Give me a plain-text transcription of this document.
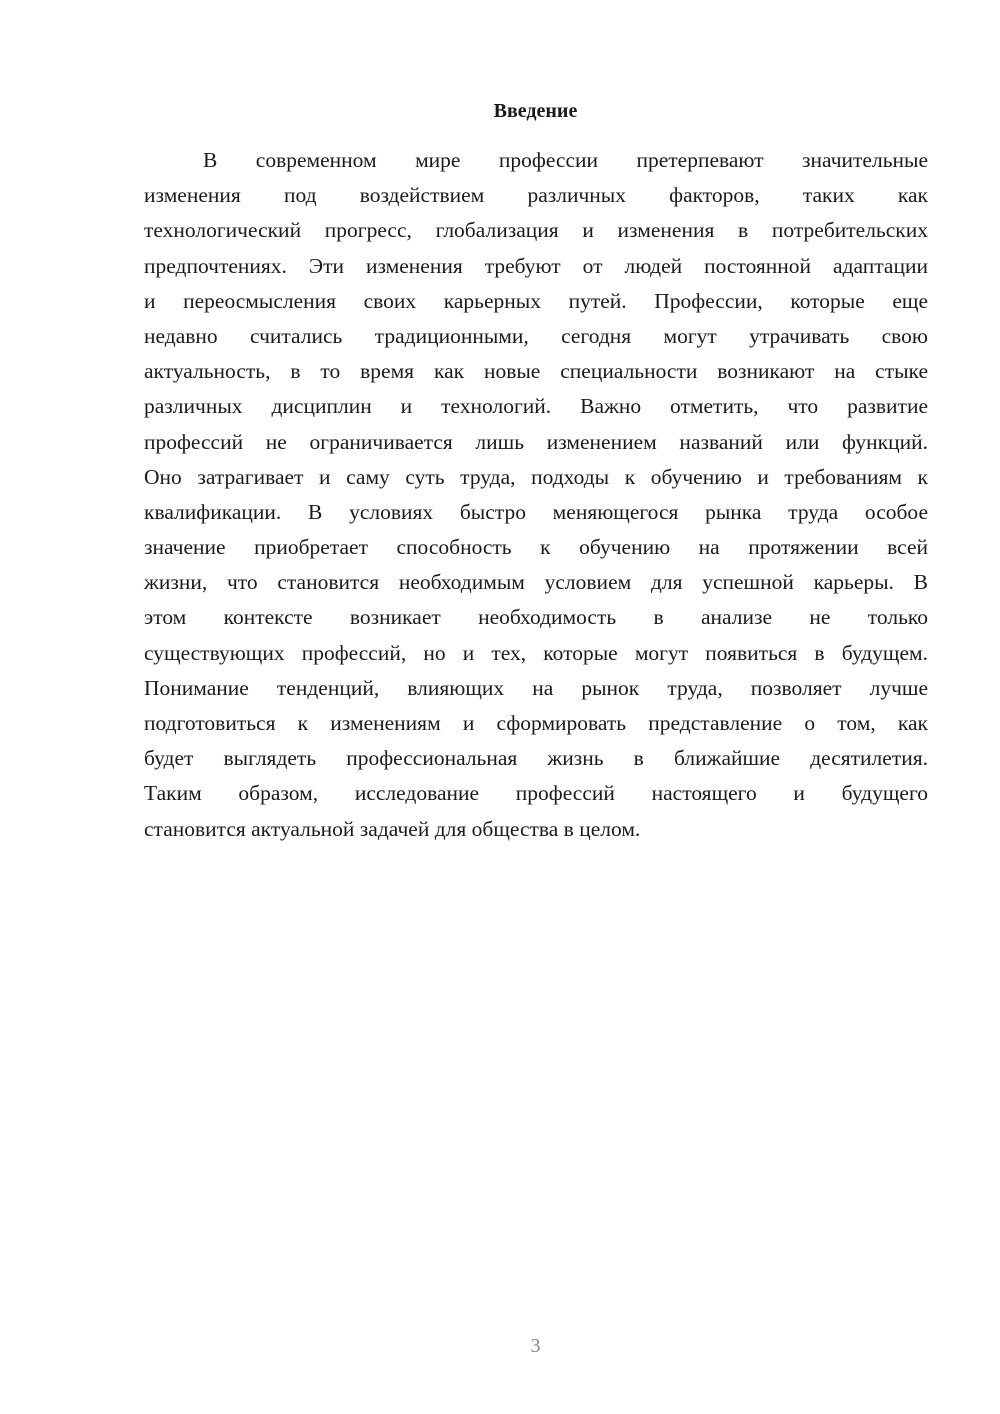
Введение
В современном мире профессии претерпевают значительные
изменения под воздействием различных факторов, таких как
технологический прогресс, глобализация и изменения в потребительских
предпочтениях. Эти изменения требуют от людей постоянной адаптации
и переосмысления своих карьерных путей. Профессии, которые еще
недавно считались традиционными, сегодня могут утрачивать свою
актуальность, в то время как новые специальности возникают на стыке
различных дисциплин и технологий. Важно отметить, что развитие
профессий не ограничивается лишь изменением названий или функций.
Оно затрагивает и саму суть труда, подходы к обучению и требованиям к
квалификации. В условиях быстро меняющегося рынка труда особое
значение приобретает способность к обучению на протяжении всей
жизни, что становится необходимым условием для успешной карьеры. В
этом контексте возникает необходимость в анализе не только
существующих профессий, но и тех, которые могут появиться в будущем.
Понимание тенденций, влияющих на рынок труда, позволяет лучше
подготовиться к изменениям и сформировать представление о том, как
будет выглядеть профессиональная жизнь в ближайшие десятилетия.
Таким образом, исследование профессий настоящего и будущего
становится актуальной задачей для общества в целом.
3
